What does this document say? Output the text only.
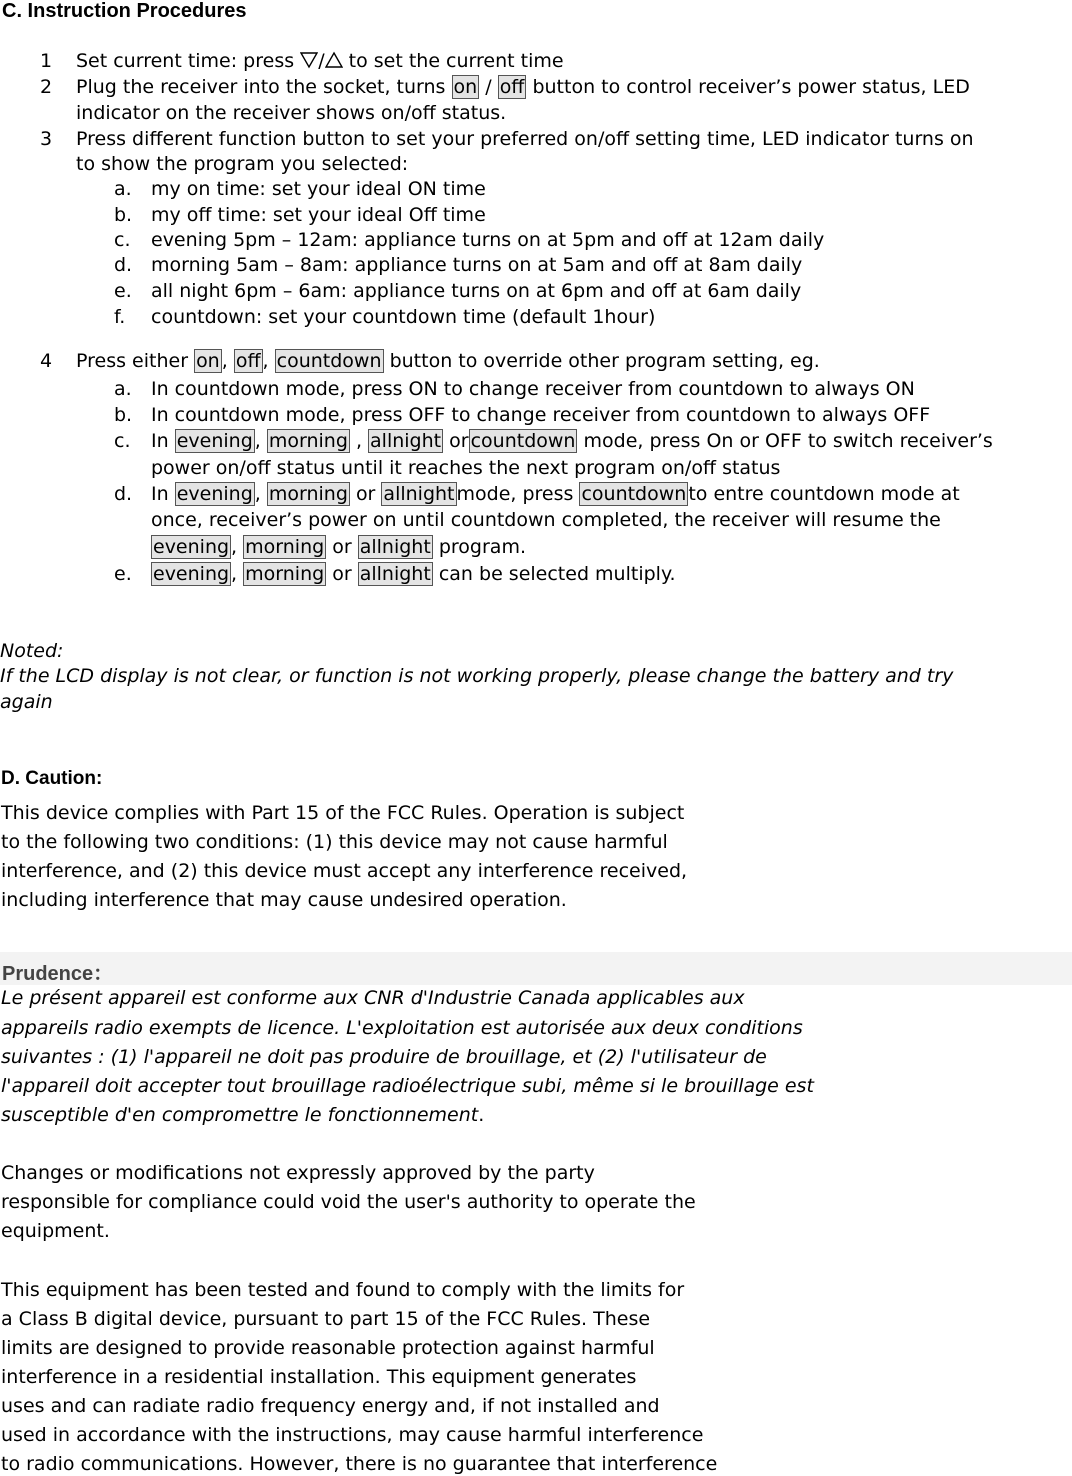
C. Instruction Procedures
1 Set current time: press / to set the current time
2 Plug the receiver into the socket, turns on / off button to control receiver’s power status, LED
indicator on the receiver shows on/off status.
3 Press different function button to set your preferred on/off setting time, LED indicator turns on
to show the program you selected:
a. my on time: set your ideal ON time
b. my off time: set your ideal Off time
c. evening 5pm – 12am: appliance turns on at 5pm and off at 12am daily
d. morning 5am – 8am: appliance turns on at 5am and off at 8am daily
e. all night 6pm – 6am: appliance turns on at 6pm and off at 6am daily
f. countdown: set your countdown time (default 1hour)
4 Press either on , off , countdown button to override other program setting, eg.
a. In countdown mode, press ON to change receiver from countdown to always ON
b. In countdown mode, press OFF to change receiver from countdown to always OFF
c. In evening , morning , allnight or countdown mode, press On or OFF to switch receiver’s
power on/off status until it reaches the next program on/off status
d. In evening , morning or allnight mode, press countdown to entre countdown mode at
once, receiver’s power on until countdown completed, the receiver will resume the
evening , morning or allnight program.
e. evening , morning or allnight can be selected multiply.
Noted:
If the LCD display is not clear, or function is not working properly, please change the battery and try
again
D. Caution:
This device complies with Part 15 of the FCC Rules. Operation is subject
to the following two conditions: (1) this device may not cause harmful
interference, and (2) this device must accept any interference received,
including interference that may cause undesired operation.
Prudence：
Le présent appareil est conforme aux CNR d'Industrie Canada applicables aux
appareils radio exempts de licence. L'exploitation est autorisée aux deux conditions
suivantes : (1) l'appareil ne doit pas produire de brouillage, et (2) l'utilisateur de
l'appareil doit accepter tout brouillage radioélectrique subi, même si le brouillage est
susceptible d'en compromettre le fonctionnement.
Changes or modifications not expressly approved by the party
responsible for compliance could void the user's authority to operate the
equipment.
This equipment has been tested and found to comply with the limits for
a Class B digital device, pursuant to part 15 of the FCC Rules. These
limits are designed to provide reasonable protection against harmful
interference in a residential installation. This equipment generates
uses and can radiate radio frequency energy and, if not installed and
used in accordance with the instructions, may cause harmful interference
to radio communications. However, there is no guarantee that interference
